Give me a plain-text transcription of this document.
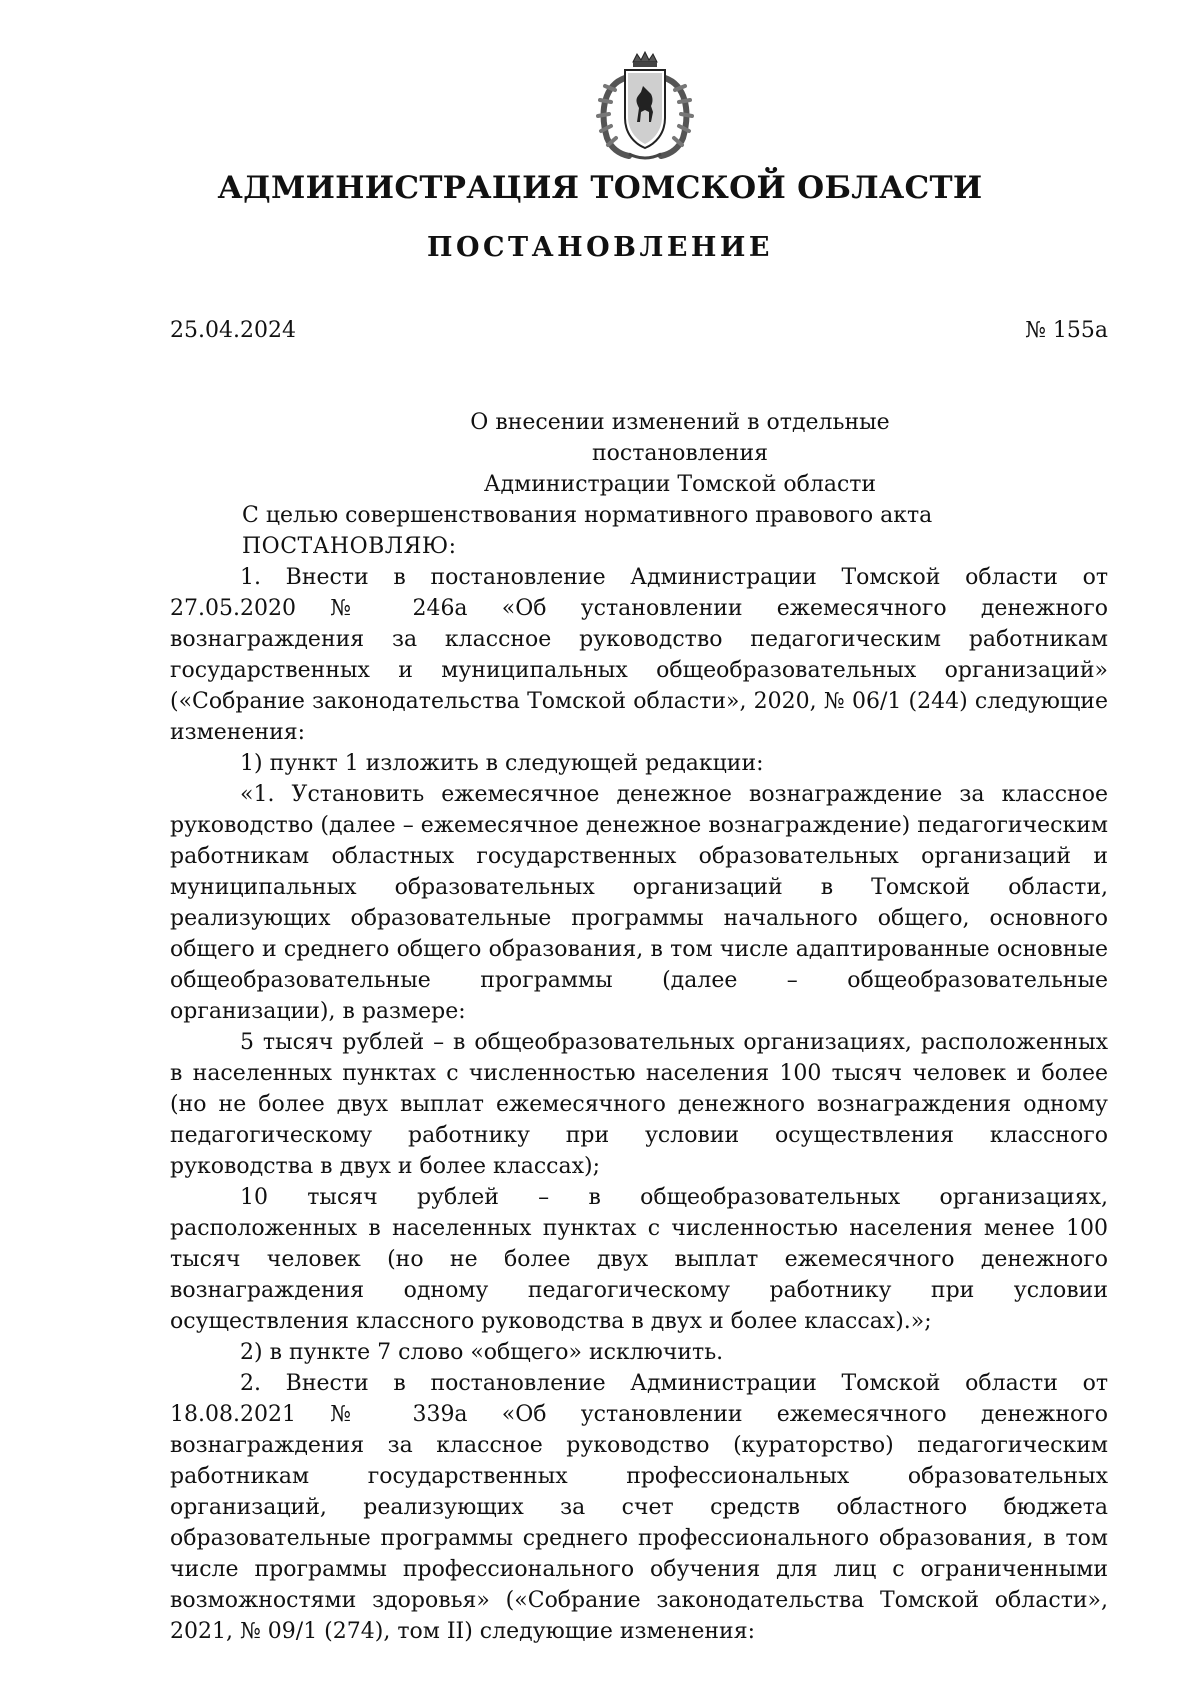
АДМИНИСТРАЦИЯ ТОМСКОЙ ОБЛАСТИ
ПОСТАНОВЛЕНИЕ
25.04.2024	№ 155а
О внесении изменений в отдельные постановления
Администрации Томской области

С целью совершенствования нормативного правового акта

ПОСТАНОВЛЯЮ:

1. Внести в постановление Администрации Томской области от 27.05.2020 № 246а «Об установлении ежемесячного денежного вознаграждения за классное руководство педагогическим работникам государственных и муниципальных общеобразовательных организаций» («Собрание законодательства Томской области», 2020, № 06/1 (244) следующие изменения:

1) пункт 1 изложить в следующей редакции:

«1. Установить ежемесячное денежное вознаграждение за классное руководство (далее – ежемесячное денежное вознаграждение) педагогическим работникам областных государственных образовательных организаций и муниципальных образовательных организаций в Томской области, реализующих образовательные программы начального общего, основного общего и среднего общего образования, в том числе адаптированные основные общеобразовательные программы (далее – общеобразовательные организации), в размере:

5 тысяч рублей – в общеобразовательных организациях, расположенных в населенных пунктах с численностью населения 100 тысяч человек и более (но не более двух выплат ежемесячного денежного вознаграждения одному педагогическому работнику при условии осуществления классного руководства в двух и более классах);

10 тысяч рублей – в общеобразовательных организациях, расположенных в населенных пунктах с численностью населения менее 100 тысяч человек (но не более двух выплат ежемесячного денежного вознаграждения одному педагогическому работнику при условии осуществления классного руководства в двух и более классах).»;

2) в пункте 7 слово «общего» исключить.

2. Внести в постановление Администрации Томской области от 18.08.2021 № 339а «Об установлении ежемесячного денежного вознаграждения за классное руководство (кураторство) педагогическим работникам государственных профессиональных образовательных организаций, реализующих за счет средств областного бюджета образовательные программы среднего профессионального образования, в том числе программы профессионального обучения для лиц с ограниченными возможностями здоровья» («Собрание законодательства Томской области», 2021, № 09/1 (274), том II) следующие изменения:
